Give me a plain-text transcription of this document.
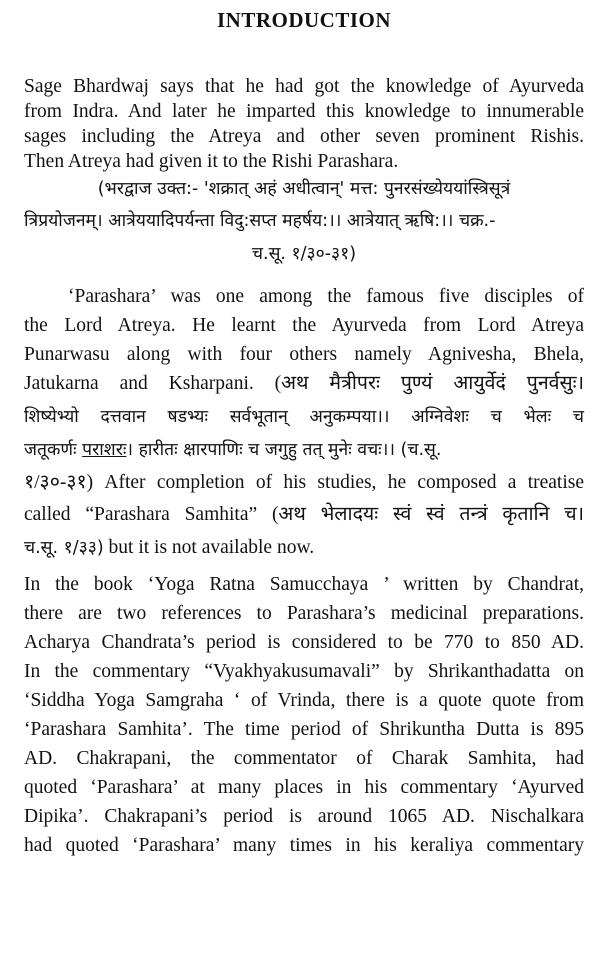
INTRODUCTION
Sage Bhardwaj says that he had got the knowledge of Ayurveda
from Indra. And later he imparted this knowledge to innumerable
sages including the Atreya and other seven prominent Rishis.
Then Atreya had given it to the Rishi Parashara.
(भरद्वाज उक्त:- 'शक्रात् अहं अधीत्वान्' मत्त: पुनरसंख्येययांस्त्रिसूत्रं
त्रिप्रयोजनम्। आत्रेययादिपर्यन्ता विदु:सप्त महर्षय:।। आत्रेयात् ऋषि:।। चक्र.-
च.सू. १/३०-३१)
‘Parashara’ was one among the famous five disciples of
the Lord Atreya. He learnt the Ayurveda from Lord Atreya
Punarwasu along with four others namely Agnivesha, Bhela,
Jatukarna and Ksharpani. (अथ मैत्रीपरः पुण्यं आयुर्वेदं पुनर्वसुः।
शिष्येभ्यो दत्तवान षडभ्यः सर्वभूतान् अनुकम्पया।। अग्निवेशः च भेलः च
जतूकर्णः पराशरः। हारीतः क्षारपाणिः च जगुहु तत् मुनेः वचः।। (च.सू.
१/३०-३१) After completion of his studies, he composed a treatise
called “Parashara Samhita” (अथ भेलादयः स्वं स्वं तन्त्रं कृतानि च।
च.सू. १/३३) but it is not available now.
In the book ‘Yoga Ratna Samucchaya ’ written by Chandrat,
there are two references to Parashara’s medicinal preparations.
Acharya Chandrata’s period is considered to be 770 to 850 AD.
In the commentary “Vyakhyakusumavali” by Shrikanthadatta on
‘Siddha Yoga Samgraha ‘ of Vrinda, there is a quote quote from
‘Parashara Samhita’. The time period of Shrikuntha Dutta is 895
AD. Chakrapani, the commentator of Charak Samhita, had
quoted ‘Parashara’ at many places in his commentary ‘Ayurved
Dipika’. Chakrapani’s period is around 1065 AD. Nischalkara
had quoted ‘Parashara’ many times in his keraliya commentary
